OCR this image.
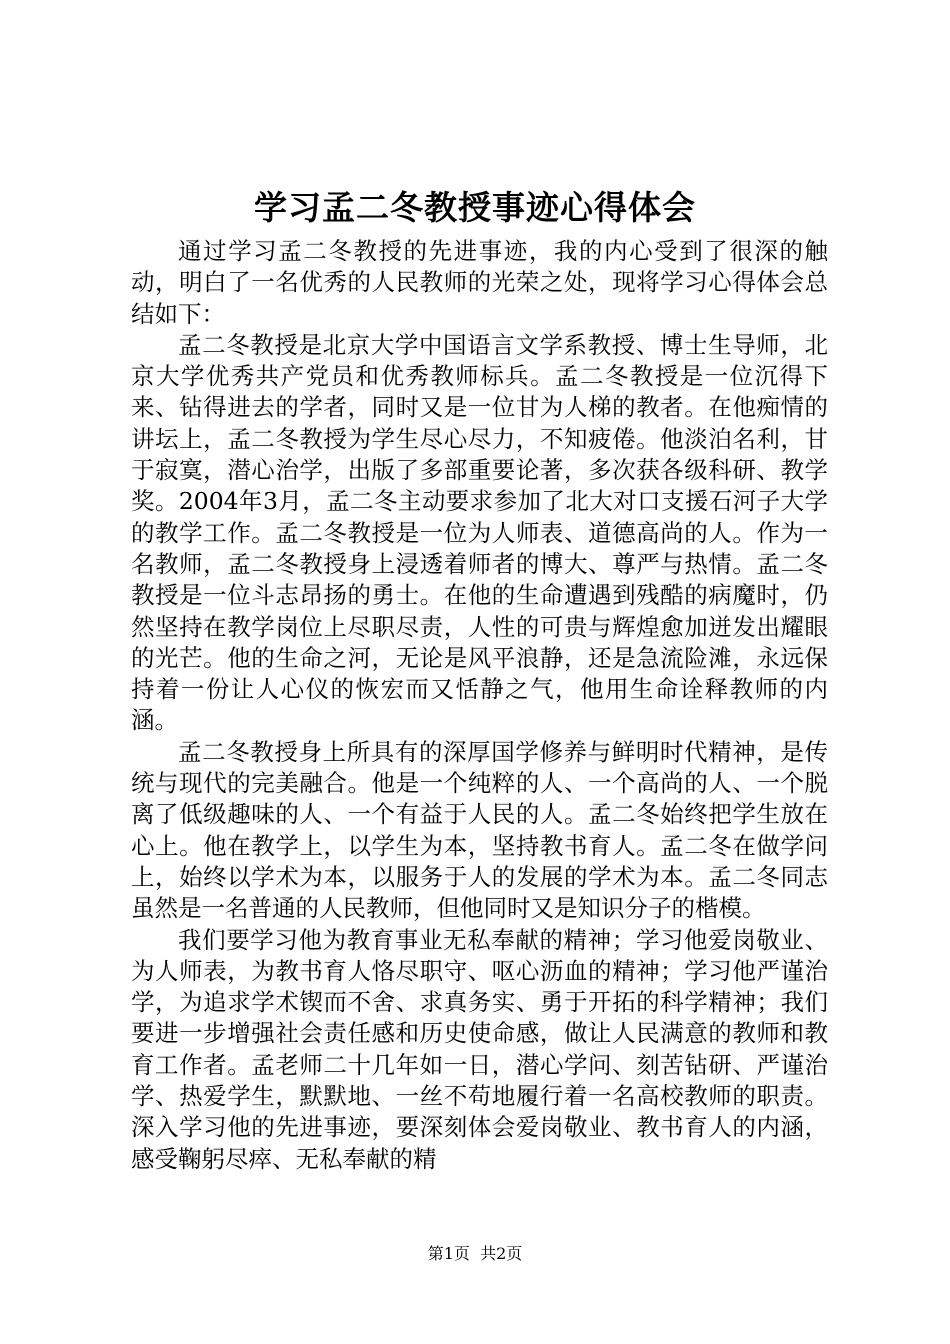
学习孟二冬教授事迹心得体会

通过学习孟二冬教授的先进事迹，我的内心受到了很深的触动，明白了一名优秀的人民教师的光荣之处，现将学习心得体会总结如下：

孟二冬教授是北京大学中国语言文学系教授、博士生导师，北京大学优秀共产党员和优秀教师标兵。孟二冬教授是一位沉得下来、钻得进去的学者，同时又是一位甘为人梯的教者。在他痴情的讲坛上，孟二冬教授为学生尽心尽力，不知疲倦。他淡泊名利，甘于寂寞，潜心治学，出版了多部重要论著，多次获各级科研、教学奖。2004年3月，孟二冬主动要求参加了北大对口支援石河子大学的教学工作。孟二冬教授是一位为人师表、道德高尚的人。作为一名教师，孟二冬教授身上浸透着师者的博大、尊严与热情。孟二冬教授是一位斗志昂扬的勇士。在他的生命遭遇到残酷的病魔时，仍然坚持在教学岗位上尽职尽责，人性的可贵与辉煌愈加迸发出耀眼的光芒。他的生命之河，无论是风平浪静，还是急流险滩，永远保持着一份让人心仪的恢宏而又恬静之气，他用生命诠释教师的内涵。

孟二冬教授身上所具有的深厚国学修养与鲜明时代精神，是传统与现代的完美融合。他是一个纯粹的人、一个高尚的人、一个脱离了低级趣味的人、一个有益于人民的人。孟二冬始终把学生放在心上。他在教学上，以学生为本，坚持教书育人。孟二冬在做学问上，始终以学术为本，以服务于人的发展的学术为本。孟二冬同志虽然是一名普通的人民教师，但他同时又是知识分子的楷模。

我们要学习他为教育事业无私奉献的精神；学习他爱岗敬业、为人师表，为教书育人恪尽职守、呕心沥血的精神；学习他严谨治学，为追求学术锲而不舍、求真务实、勇于开拓的科学精神；我们要进一步增强社会责任感和历史使命感，做让人民满意的教师和教育工作者。孟老师二十几年如一日，潜心学问、刻苦钻研、严谨治学、热爱学生，默默地、一丝不苟地履行着一名高校教师的职责。深入学习他的先进事迹，要深刻体会爱岗敬业、教书育人的内涵，感受鞠躬尽瘁、无私奉献的精

第1页 共2页
